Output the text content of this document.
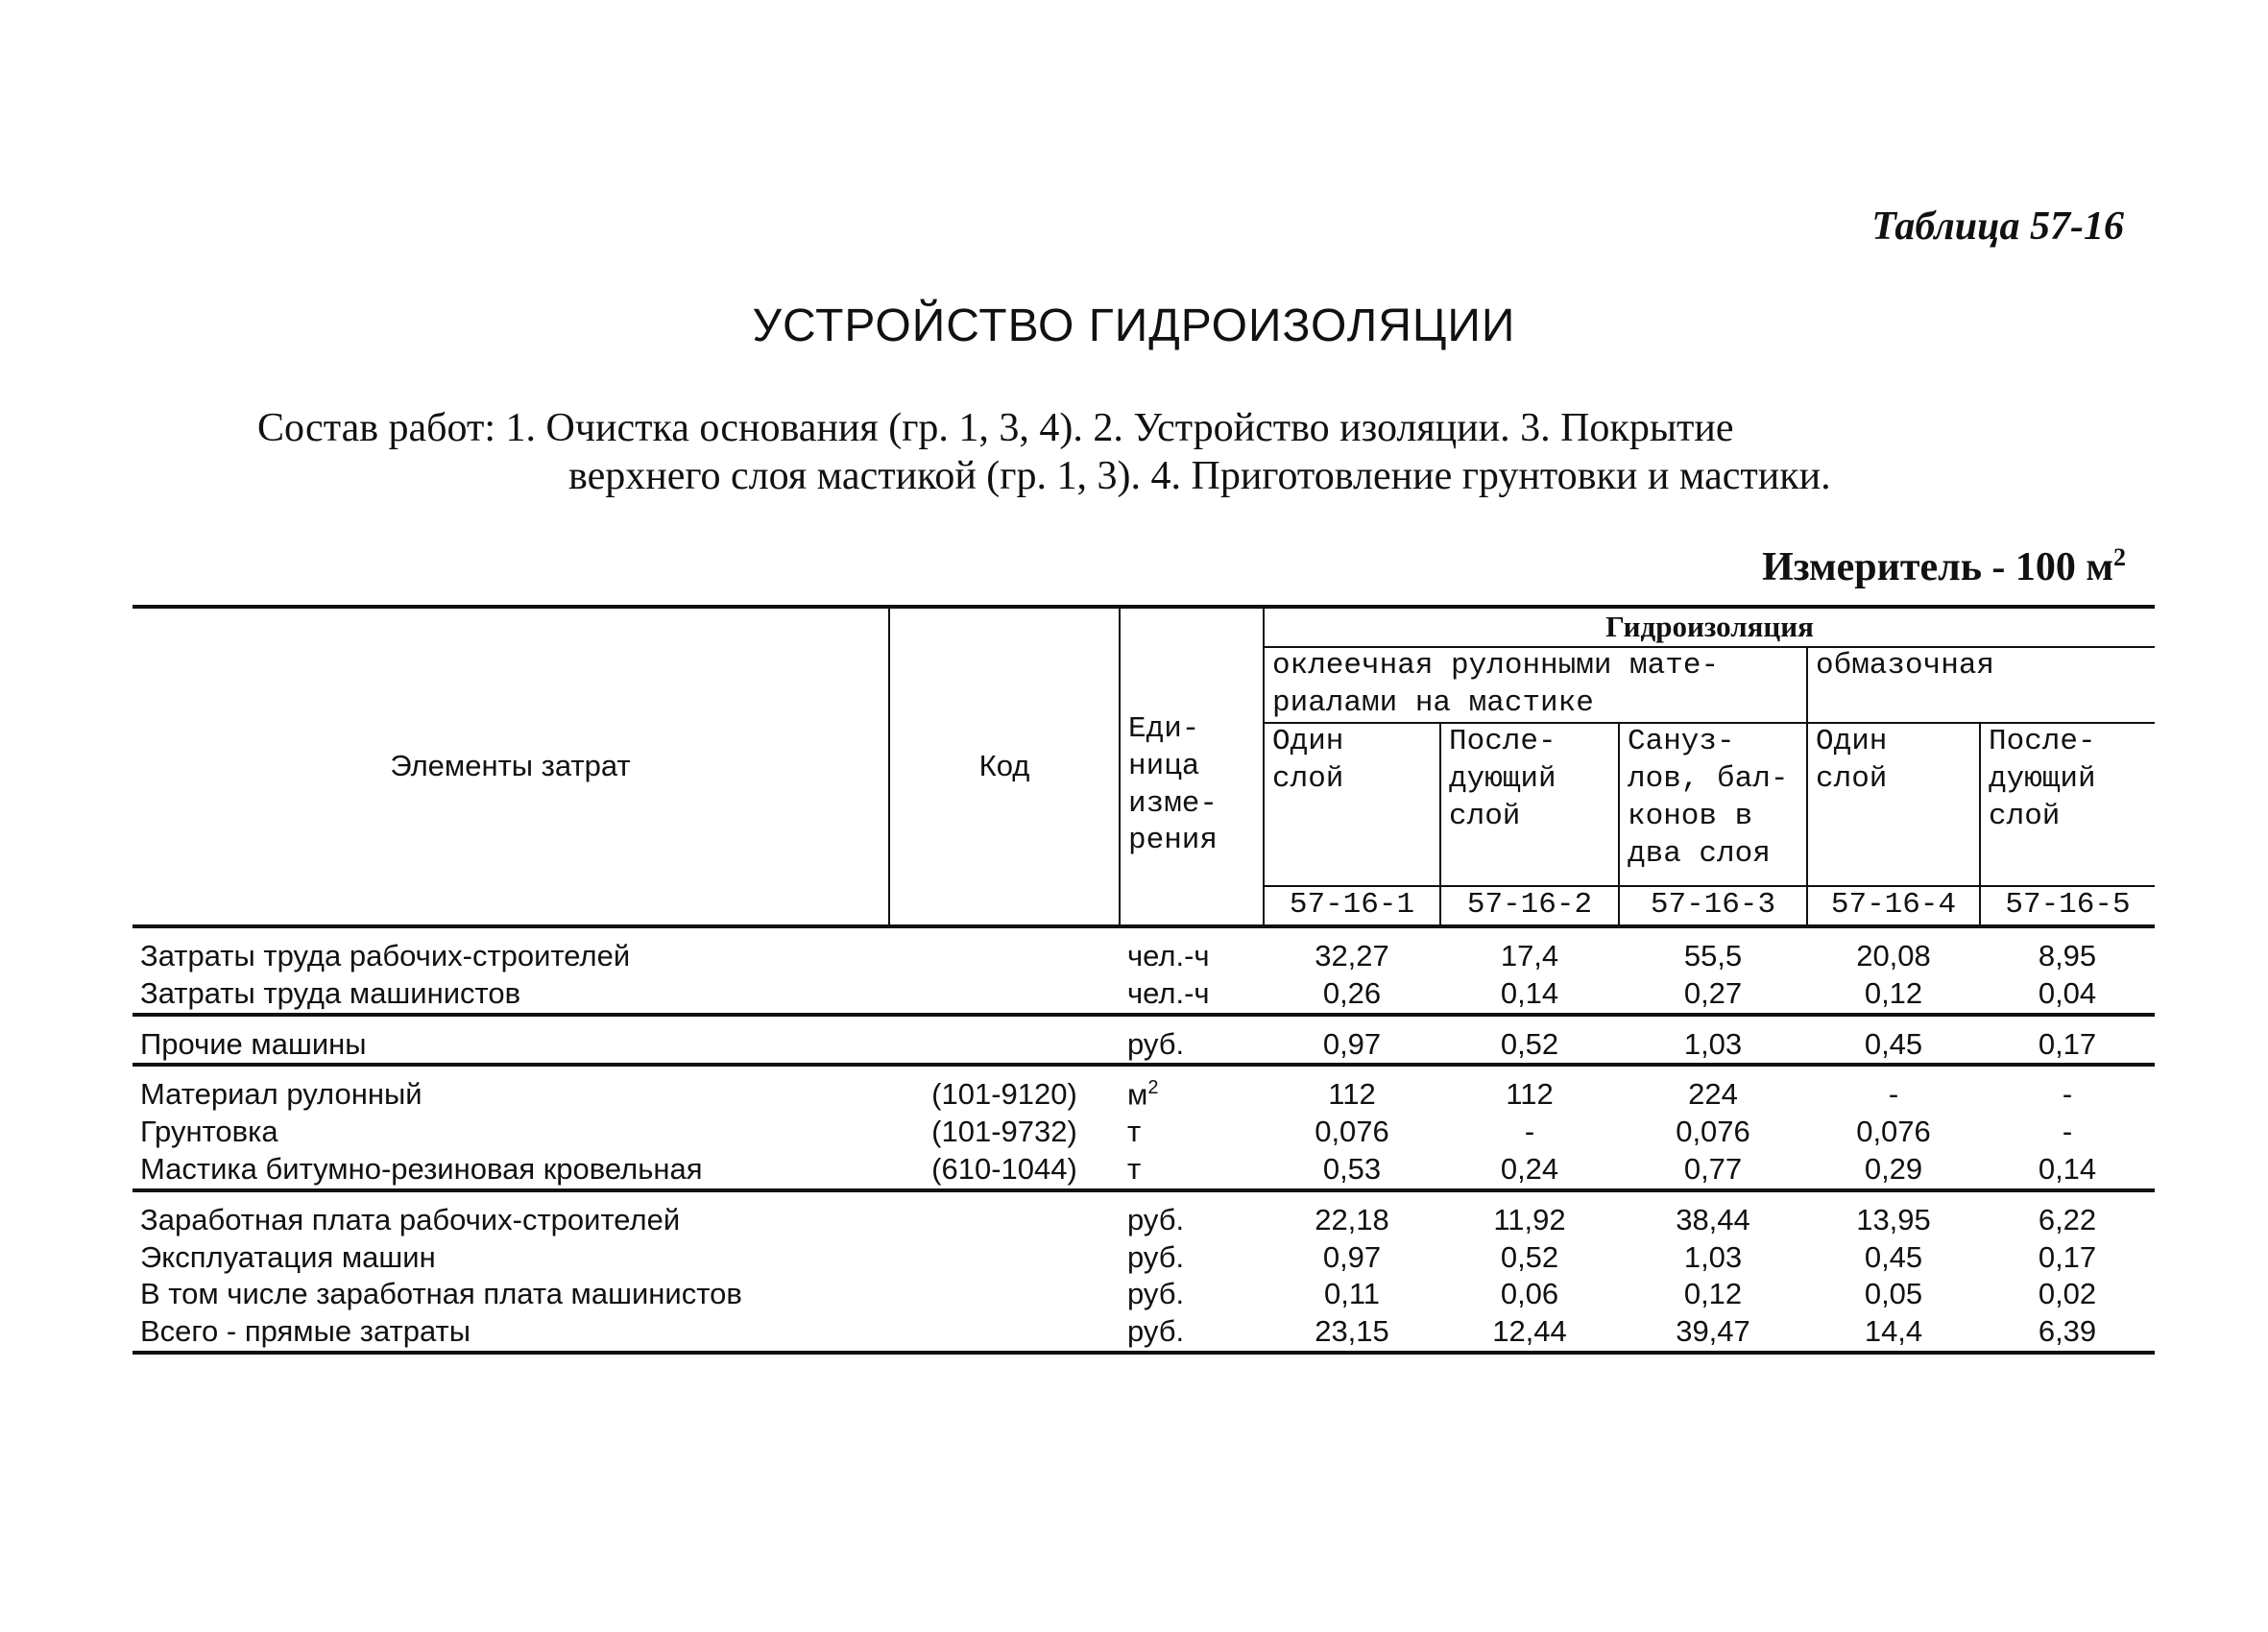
Таблица 57-16
УСТРОЙСТВО ГИДРОИЗОЛЯЦИИ
Состав работ: 1. Очистка основания (гр. 1, 3, 4). 2. Устройство изоляции. 3. Покрытие
верхнего слоя мастикой (гр. 1, 3). 4. Приготовление грунтовки и мастики.
Измеритель - 100 $м^2$
Элементы затрат	Код	Еди-ница изме-рения	Гидроизоляция				
			оклеечная рулонными мате-риалами на мастике			обмазочная	
			Один слой	После-дующий слой	Сануз-лов, бал-конов в два слоя	Один слой	После-дующий слой
			57-16-1	57-16-2	57-16-3	57-16-4	57-16-5
Затраты труда рабочих-строителей		чел.-ч	32,27	17,4	55,5	20,08	8,95
Затраты труда машинистов		чел.-ч	0,26	0,14	0,27	0,12	0,04
Прочие машины		руб.	0,97	0,52	1,03	0,45	0,17
Материал рулонный	(101-9120)	$м^2$	112	112	224	-	-
Грунтовка	(101-9732)	т	0,076	-	0,076	0,076	-
Мастика битумно-резиновая кровельная	(610-1044)	т	0,53	0,24	0,77	0,29	0,14
Заработная плата рабочих-строителей		руб.	22,18	11,92	38,44	13,95	6,22
Эксплуатация машин		руб.	0,97	0,52	1,03	0,45	0,17
В том числе заработная плата машинистов		руб.	0,11	0,06	0,12	0,05	0,02
Всего - прямые затраты		руб.	23,15	12,44	39,47	14,4	6,39
